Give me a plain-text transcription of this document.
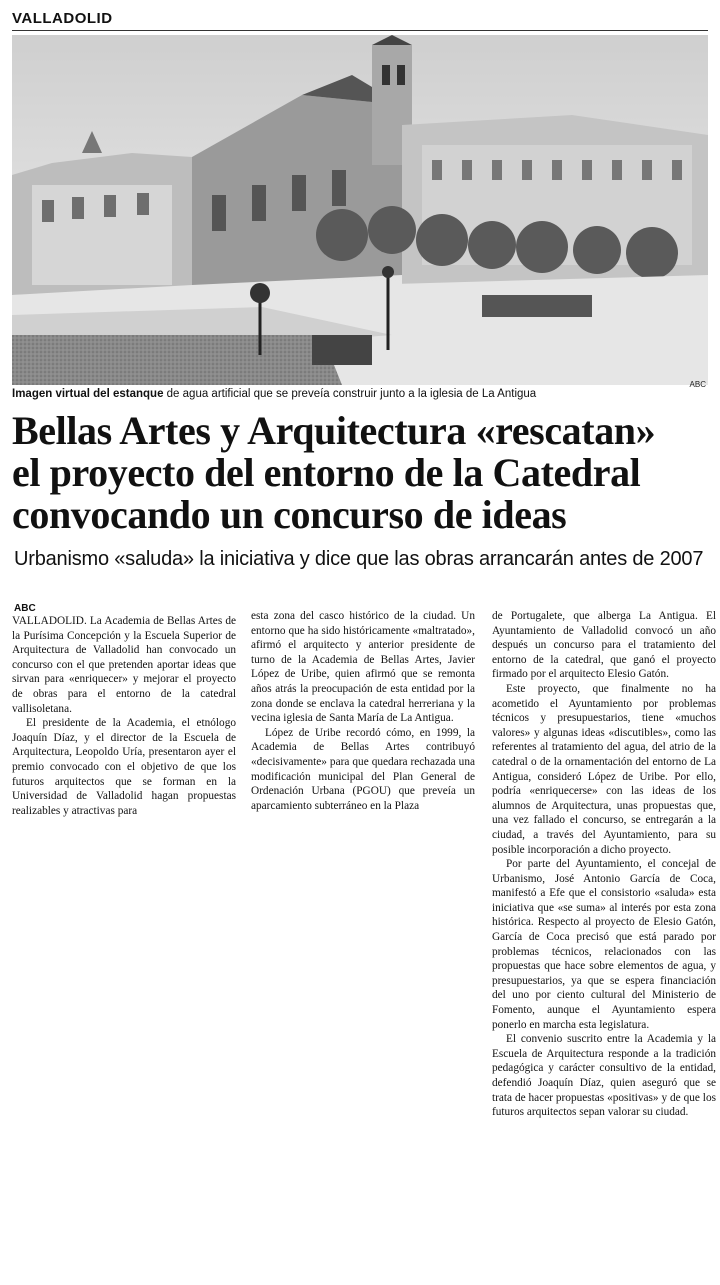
VALLADOLID
Imagen virtual del estanque de agua artificial que se preveía construir junto a la iglesia de La Antigua
ABC
Bellas Artes y Arquitectura «rescatan»
el proyecto del entorno de la Catedral
convocando un concurso de ideas
Urbanismo «saluda» la iniciativa y dice que las obras arrancarán antes de 2007
ABC

VALLADOLID. La Academia de Bellas Artes de la Purísima Concepción y la Escuela Superior de Arquitectura de Valladolid han convocado un concurso con el que pretenden aportar ideas que sirvan para «enriquecer» y mejorar el proyecto de obras para el entorno de la catedral vallisoletana.

El presidente de la Academia, el etnólogo Joaquín Díaz, y el director de la Escuela de Arquitectura, Leopoldo Uría, presentaron ayer el premio convocado con el objetivo de que los futuros arquitectos que se forman en la Universidad de Valladolid hagan propuestas realizables y atractivas para

esta zona del casco histórico de la ciudad. Un entorno que ha sido históricamente «maltratado», afirmó el arquitecto y anterior presidente de turno de la Academia de Bellas Artes, Javier López de Uribe, quien afirmó que se remonta años atrás la preocupación de esta entidad por la zona donde se enclava la catedral herreriana y la vecina iglesia de Santa María de La Antigua.

López de Uribe recordó cómo, en 1999, la Academia de Bellas Artes contribuyó «decisivamente» para que quedara rechazada una modificación municipal del Plan General de Ordenación Urbana (PGOU) que preveía un aparcamiento subterráneo en la Plaza

de Portugalete, que alberga La Antigua. El Ayuntamiento de Valladolid convocó un año después un concurso para el tratamiento del entorno de la catedral, que ganó el proyecto firmado por el arquitecto Elesio Gatón.

Este proyecto, que finalmente no ha acometido el Ayuntamiento por problemas técnicos y presupuestarios, tiene «muchos valores» y algunas ideas «discutibles», como las referentes al tratamiento del agua, del atrio de la catedral o de la ornamentación del entorno de La Antigua, consideró López de Uribe. Por ello, podría «enriquecerse» con las ideas de los alumnos de Arquitectura, unas propuestas que, una vez fallado el concurso, se entregarán a la ciudad, a través del Ayuntamiento, para su posible incorporación a dicho proyecto.

Por parte del Ayuntamiento, el concejal de Urbanismo, José Antonio García de Coca, manifestó a Efe que el consistorio «saluda» esta iniciativa que «se suma» al interés por esta zona histórica. Respecto al proyecto de Elesio Gatón, García de Coca precisó que está parado por problemas técnicos, relacionados con las propuestas que hace sobre elementos de agua, y presupuestarios, ya que se espera financiación del uno por ciento cultural del Ministerio de Fomento, aunque el Ayuntamiento espera ponerlo en marcha esta legislatura.

El convenio suscrito entre la Academia y la Escuela de Arquitectura responde a la tradición pedagógica y carácter consultivo de la entidad, defendió Joaquín Díaz, quien aseguró que se trata de hacer propuestas «positivas» y de que los futuros arquitectos sepan valorar su ciudad.
